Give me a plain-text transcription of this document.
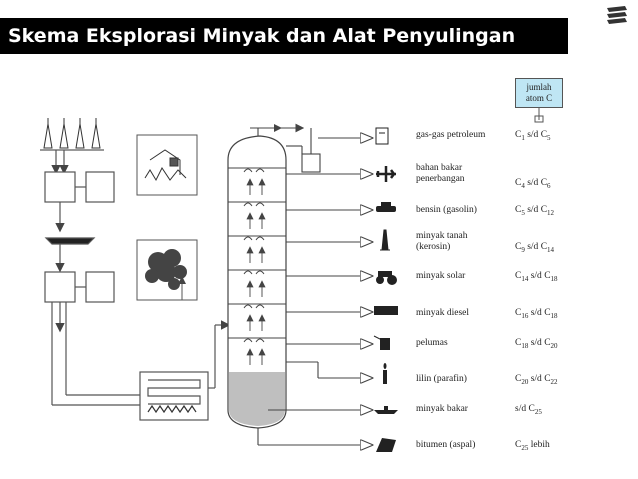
Skema Eksplorasi Minyak dan Alat Penyulingan
jumlah
atom C
gas-gas petroleum
bahan bakar
penerbangan
bensin (gasolin)
minyak tanah
(kerosin)
minyak solar
minyak diesel
pelumas
lilin (parafin)
minyak bakar
bitumen (aspal)
$C_1$ s/d $C_5$
$C_4$ s/d $C_6$
$C_5$ s/d $C_{12}$
$C_9$ s/d $C_{14}$
$C_{14}$ s/d $C_{18}$
$C_{16}$ s/d $C_{18}$
$C_{18}$ s/d $C_{20}$
$C_{20}$ s/d $C_{22}$
s/d $C_{25}$
$C_{25}$ lebih
